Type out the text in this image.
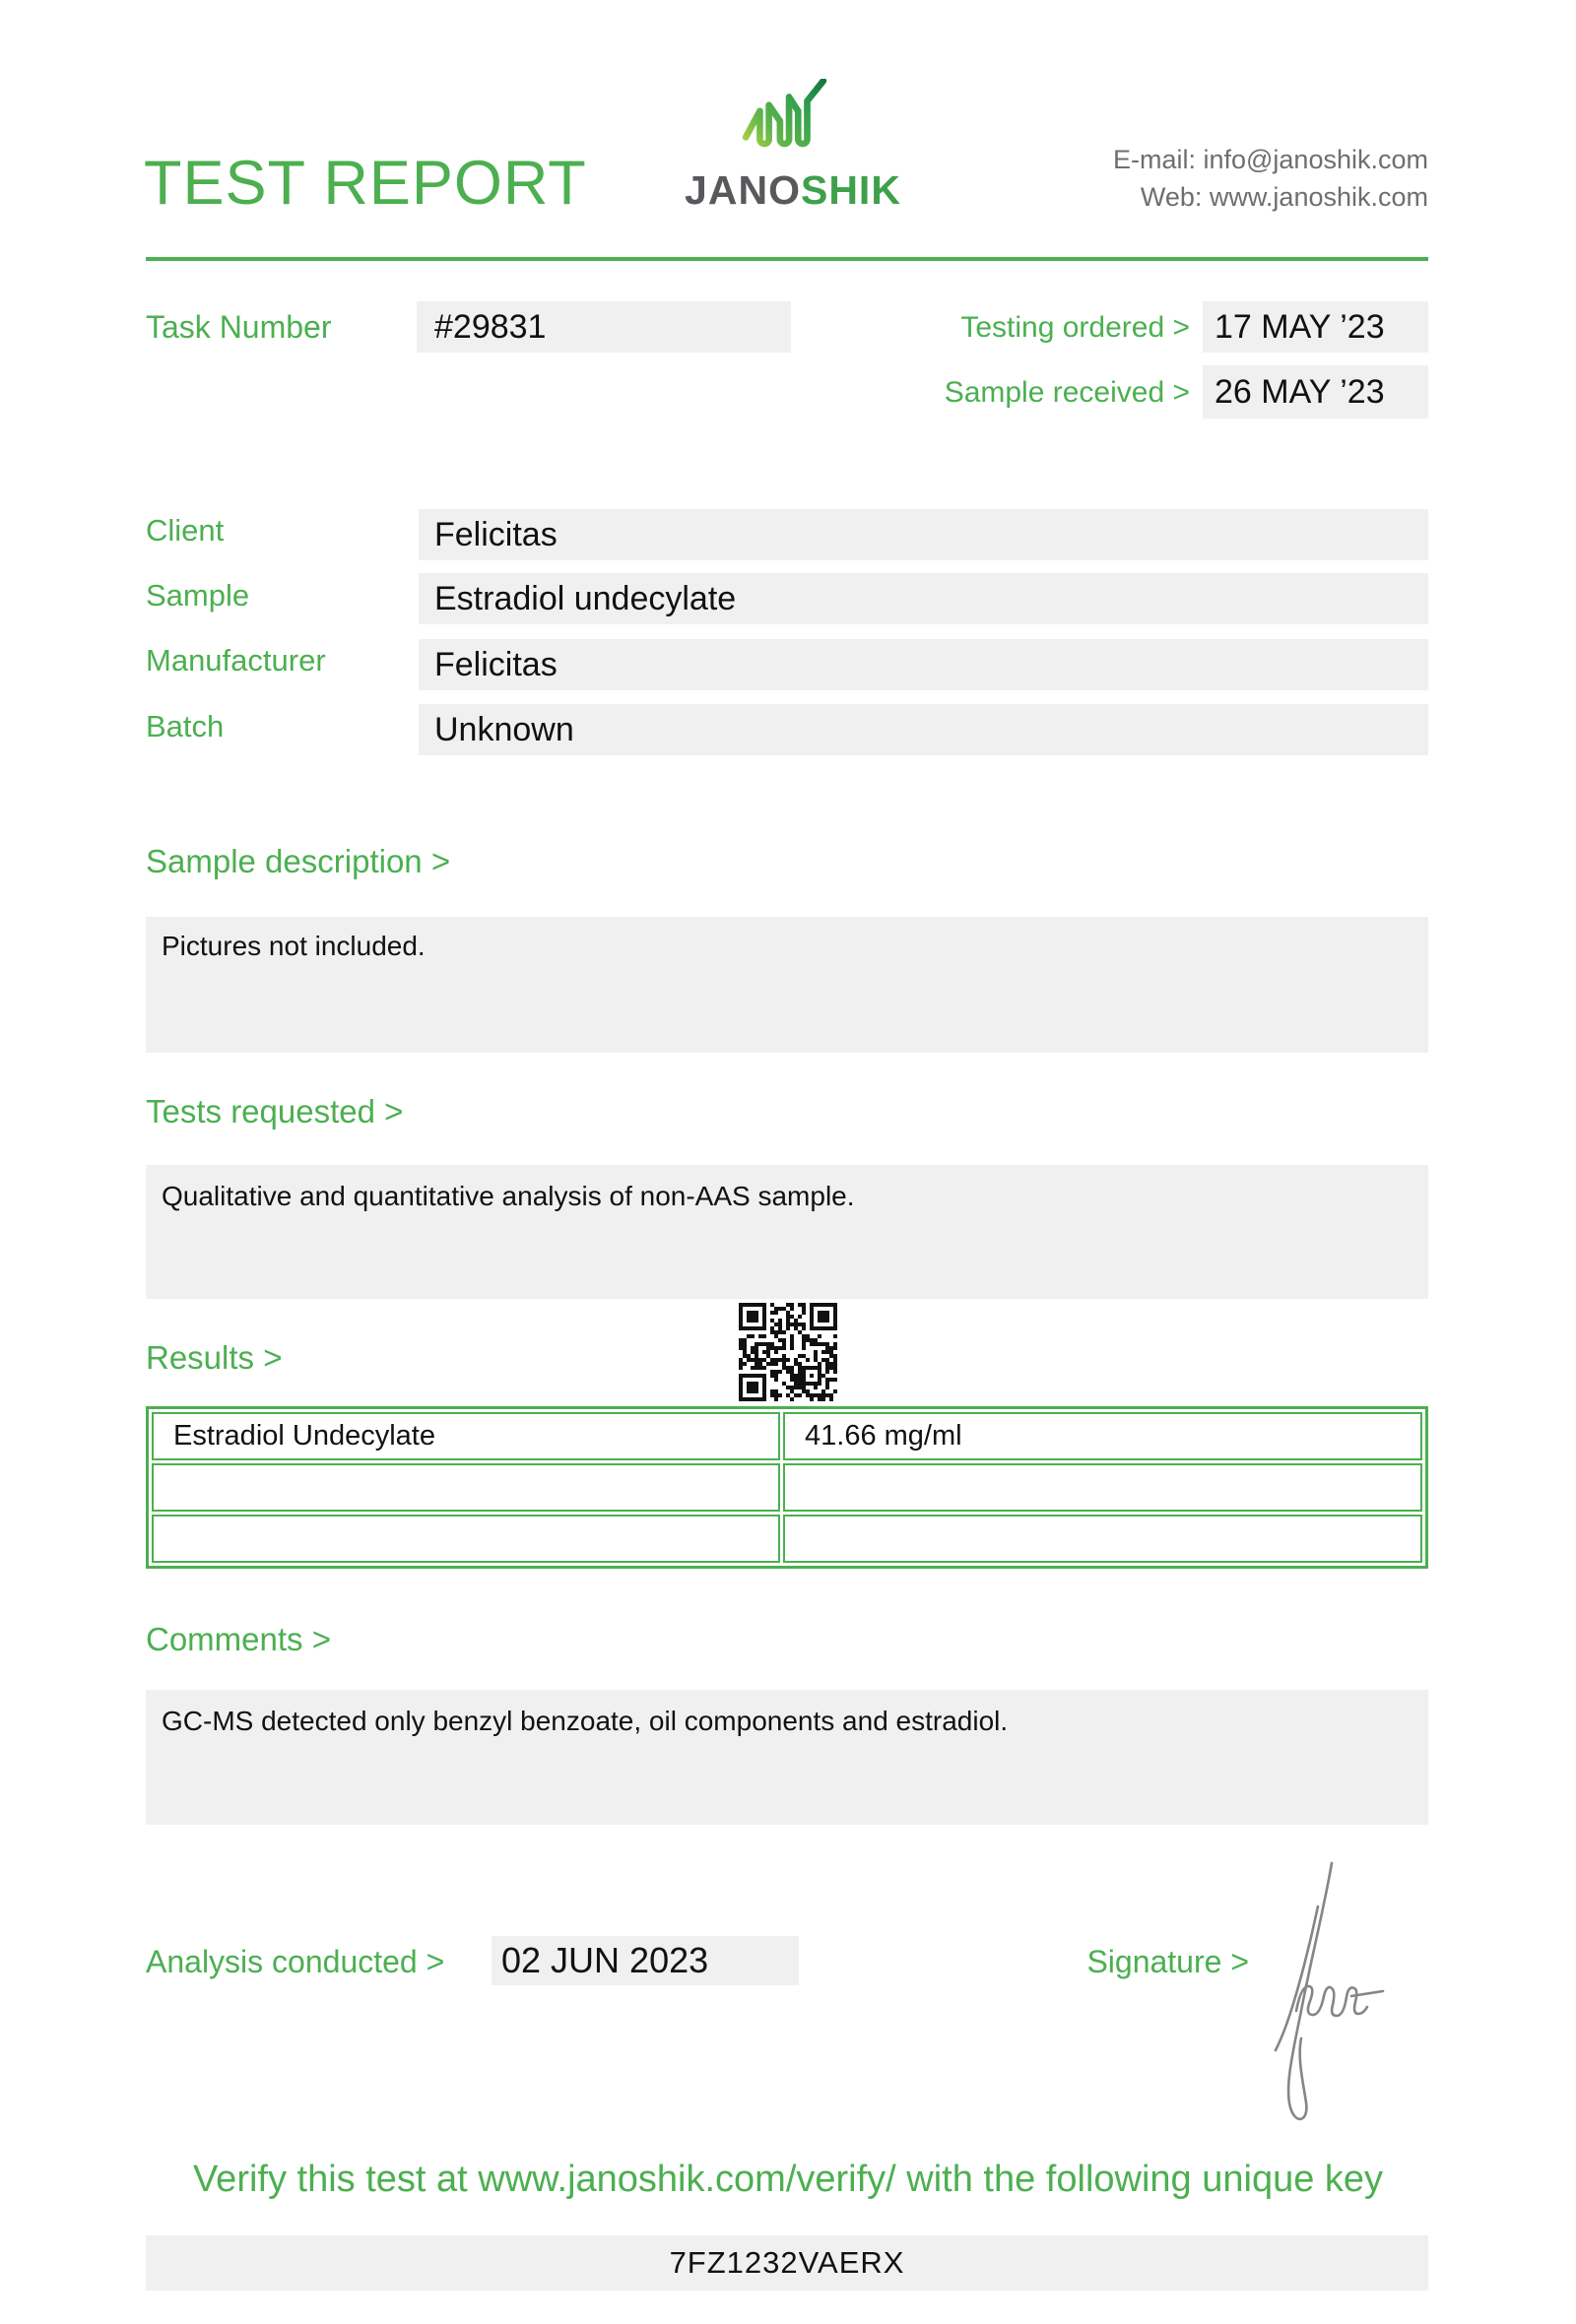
TEST REPORT	JANOSHIK
E-mail: info@janoshik.com
Web: www.janoshik.com
Task Number	#29831	Testing ordered > 17 MAY ’23
Sample received > 26 MAY ’23
Client	Felicitas
Sample	Estradiol undecylate
Manufacturer	Felicitas
Batch	Unknown
Sample description >
Pictures not included.
Tests requested >
Qualitative and quantitative analysis of non-AAS sample.
Results >
Estradiol Undecylate	41.66 mg/ml

Comments >
GC-MS detected only benzyl benzoate, oil components and estradiol.
Analysis conducted > 02 JUN 2023	Signature >
Verify this test at www.janoshik.com/verify/ with the following unique key
7FZ1232VAERX
